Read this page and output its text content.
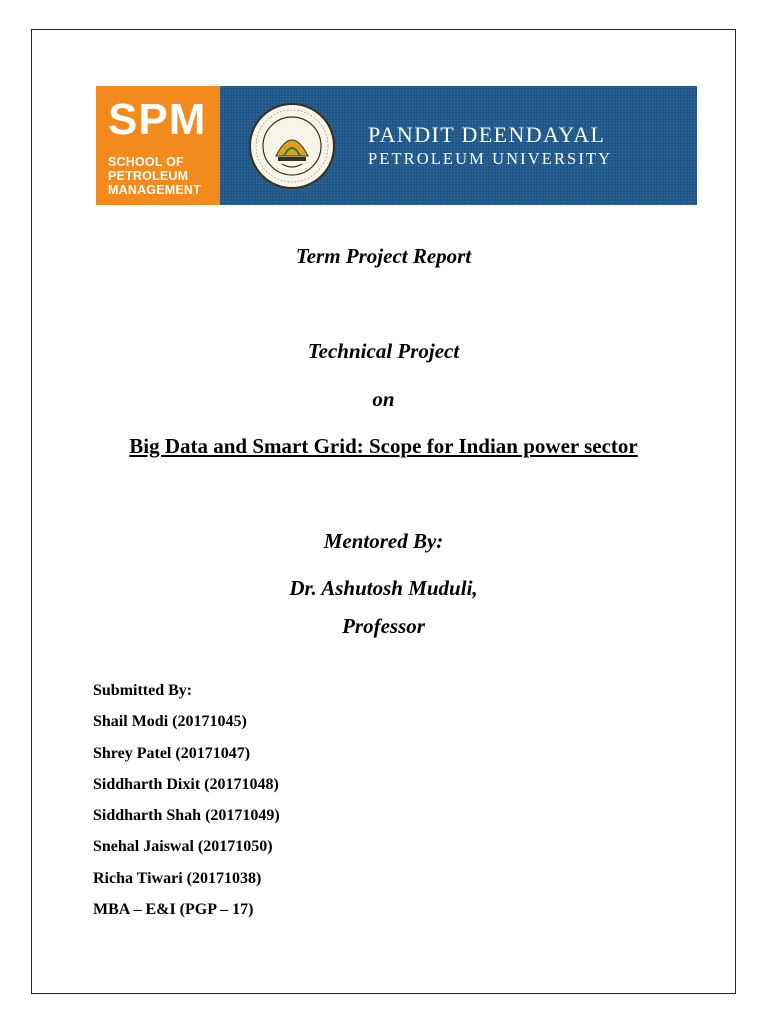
SPM
SCHOOL OF
PETROLEUM
MANAGEMENT
PANDIT DEENDAYAL
PETROLEUM UNIVERSITY
Term Project Report
Technical Project
on
Big Data and Smart Grid: Scope for Indian power sector
Mentored By:
Dr. Ashutosh Muduli,
Professor
Submitted By:
Shail Modi (20171045)
Shrey Patel (20171047)
Siddharth Dixit (20171048)
Siddharth Shah (20171049)
Snehal Jaiswal (20171050)
Richa Tiwari (20171038)
MBA – E&I (PGP – 17)
